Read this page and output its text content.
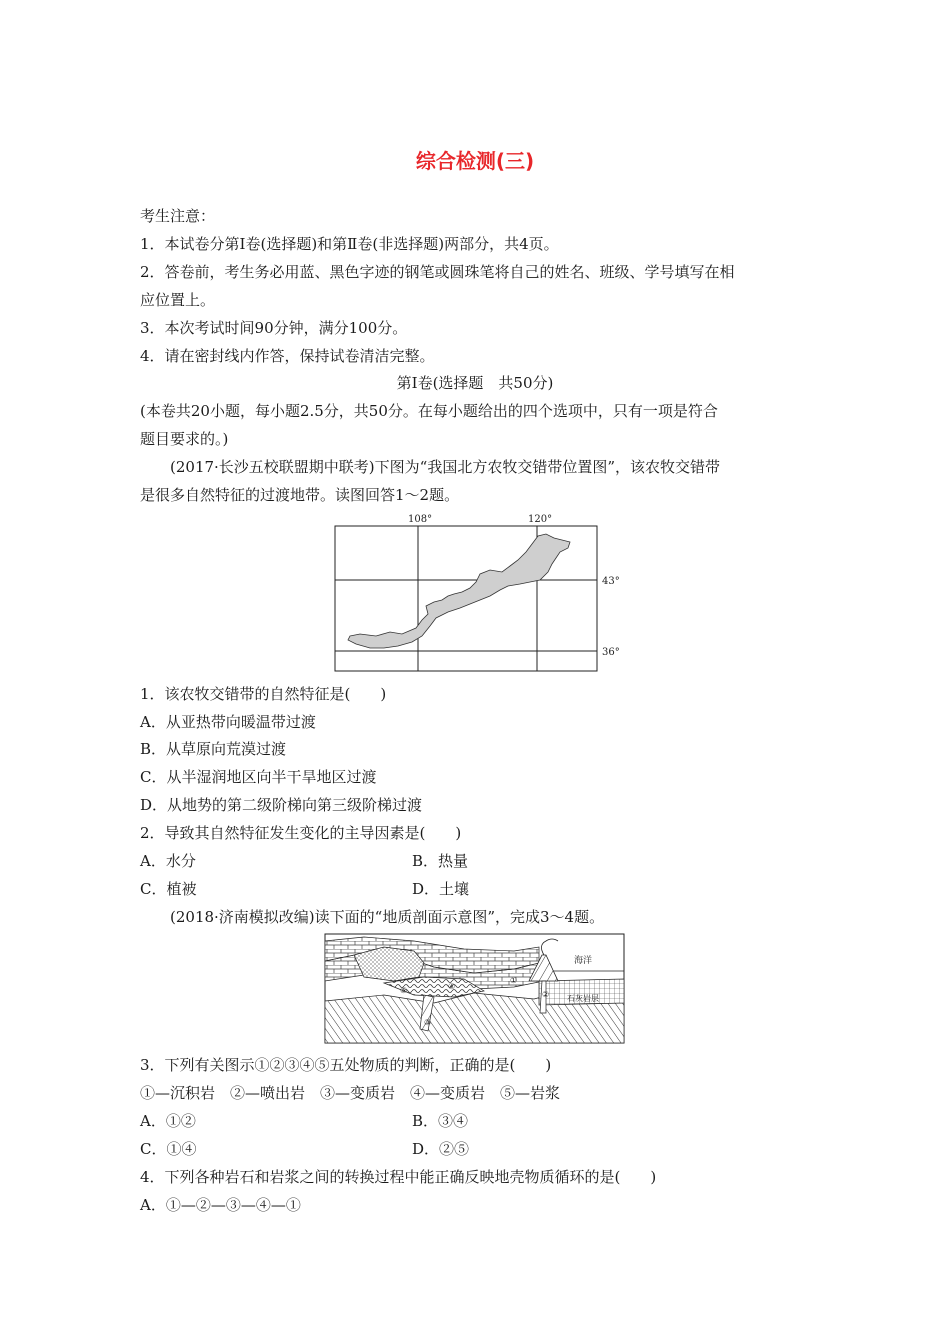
综合检测(三)
考生注意：
1．本试卷分第Ⅰ卷(选择题)和第Ⅱ卷(非选择题)两部分，共4页。
2．答卷前，考生务必用蓝、黑色字迹的钢笔或圆珠笔将自己的姓名、班级、学号填写在相
应位置上。
3．本次考试时间90分钟，满分100分。
4．请在密封线内作答，保持试卷清洁完整。
第Ⅰ卷(选择题　共50分)
(本卷共20小题，每小题2.5分，共50分。在每小题给出的四个选项中，只有一项是符合
题目要求的。)
(2017·长沙五校联盟期中联考)下图为“我国北方农牧交错带位置图”，该农牧交错带
是很多自然特征的过渡地带。读图回答1～2题。
108°	120°
43°
36°
1．该农牧交错带的自然特征是(　　)
A．从亚热带向暖温带过渡
B．从草原向荒漠过渡
C．从半湿润地区向半干旱地区过渡
D．从地势的第二级阶梯向第三级阶梯过渡
2．导致其自然特征发生变化的主导因素是(　　)
A．水分	B．热量
C．植被	D．土壤
(2018·济南模拟改编)读下面的“地质剖面示意图”，完成3～4题。
海洋
石灰岩层
①
②
③
④
⑤
3．下列有关图示①②③④⑤五处物质的判断，正确的是(　　)
①—沉积岩　②—喷出岩　③—变质岩　④—变质岩　⑤—岩浆
A．①②	B．③④
C．①④	D．②⑤
4．下列各种岩石和岩浆之间的转换过程中能正确反映地壳物质循环的是(　　)
A．①—②—③—④—①
